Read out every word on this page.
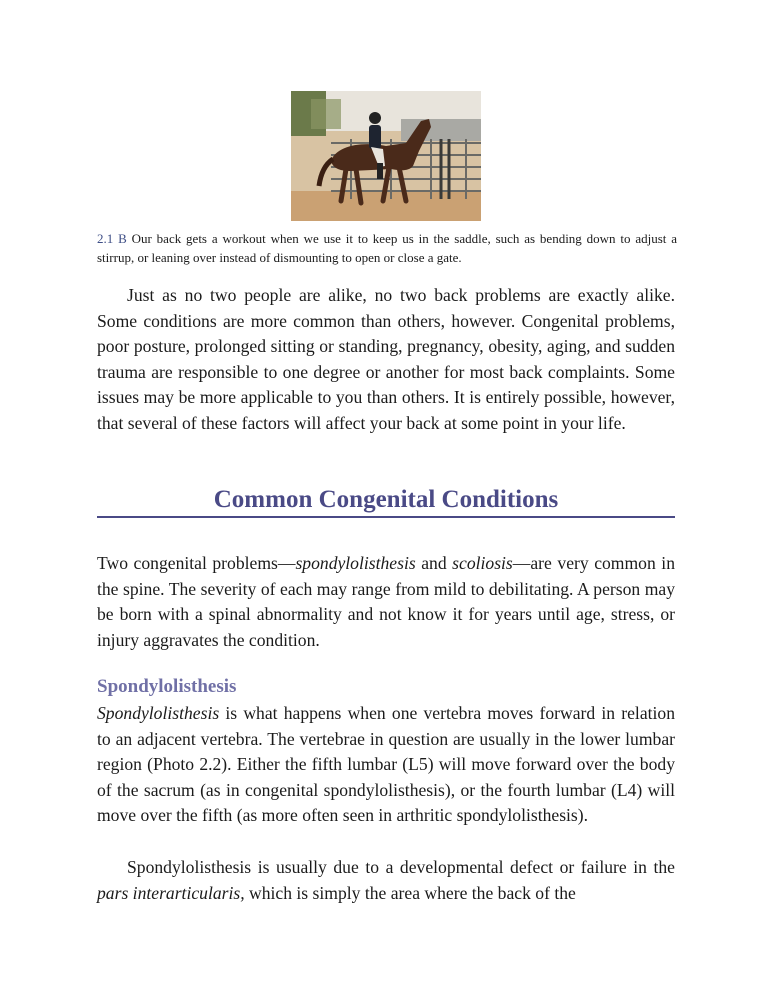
2.1 B Our back gets a workout when we use it to keep us in the saddle, such as bending down to adjust a stirrup, or leaning over instead of dismounting to open or close a gate.

Just as no two people are alike, no two back problems are exactly alike. Some conditions are more common than others, however. Congenital problems, poor posture, prolonged sitting or standing, pregnancy, obesity, aging, and sudden trauma are responsible to one degree or another for most back complaints. Some issues may be more applicable to you than others. It is entirely possible, however, that several of these factors will affect your back at some point in your life.

Common Congenital Conditions

Two congenital problems—spondylolisthesis and scoliosis—are very common in the spine. The severity of each may range from mild to debilitating. A person may be born with a spinal abnormality and not know it for years until age, stress, or injury aggravates the condition.

Spondylolisthesis

Spondylolisthesis is what happens when one vertebra moves forward in relation to an adjacent vertebra. The vertebrae in question are usually in the lower lumbar region (Photo 2.2). Either the fifth lumbar (L5) will move forward over the body of the sacrum (as in congenital spondylolisthesis), or the fourth lumbar (L4) will move over the fifth (as more often seen in arthritic spondylolisthesis).

Spondylolisthesis is usually due to a developmental defect or failure in the pars interarticularis, which is simply the area where the back of the
